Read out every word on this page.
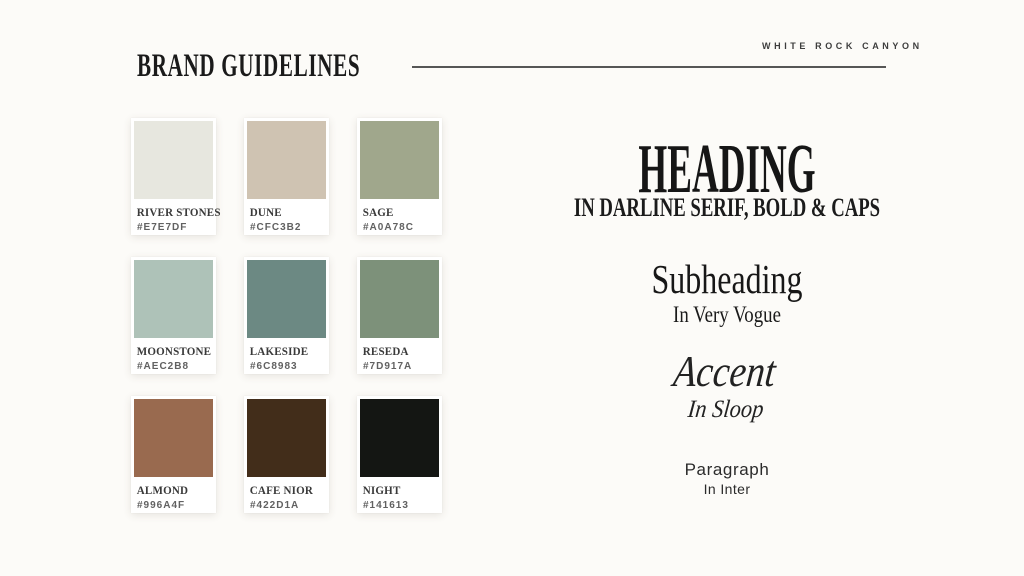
BRAND GUIDELINES
WHITE ROCK CANYON
RIVER STONES
#E7E7DF
DUNE
#CFC3B2
SAGE
#A0A78C
MOONSTONE
#AEC2B8
LAKESIDE
#6C8983
RESEDA
#7D917A
ALMOND
#996A4F
CAFE NIOR
#422D1A
NIGHT
#141613
HEADING
IN DARLINE SERIF, BOLD & CAPS
Subheading
In Very Vogue
Accent
In Sloop
Paragraph
In Inter
